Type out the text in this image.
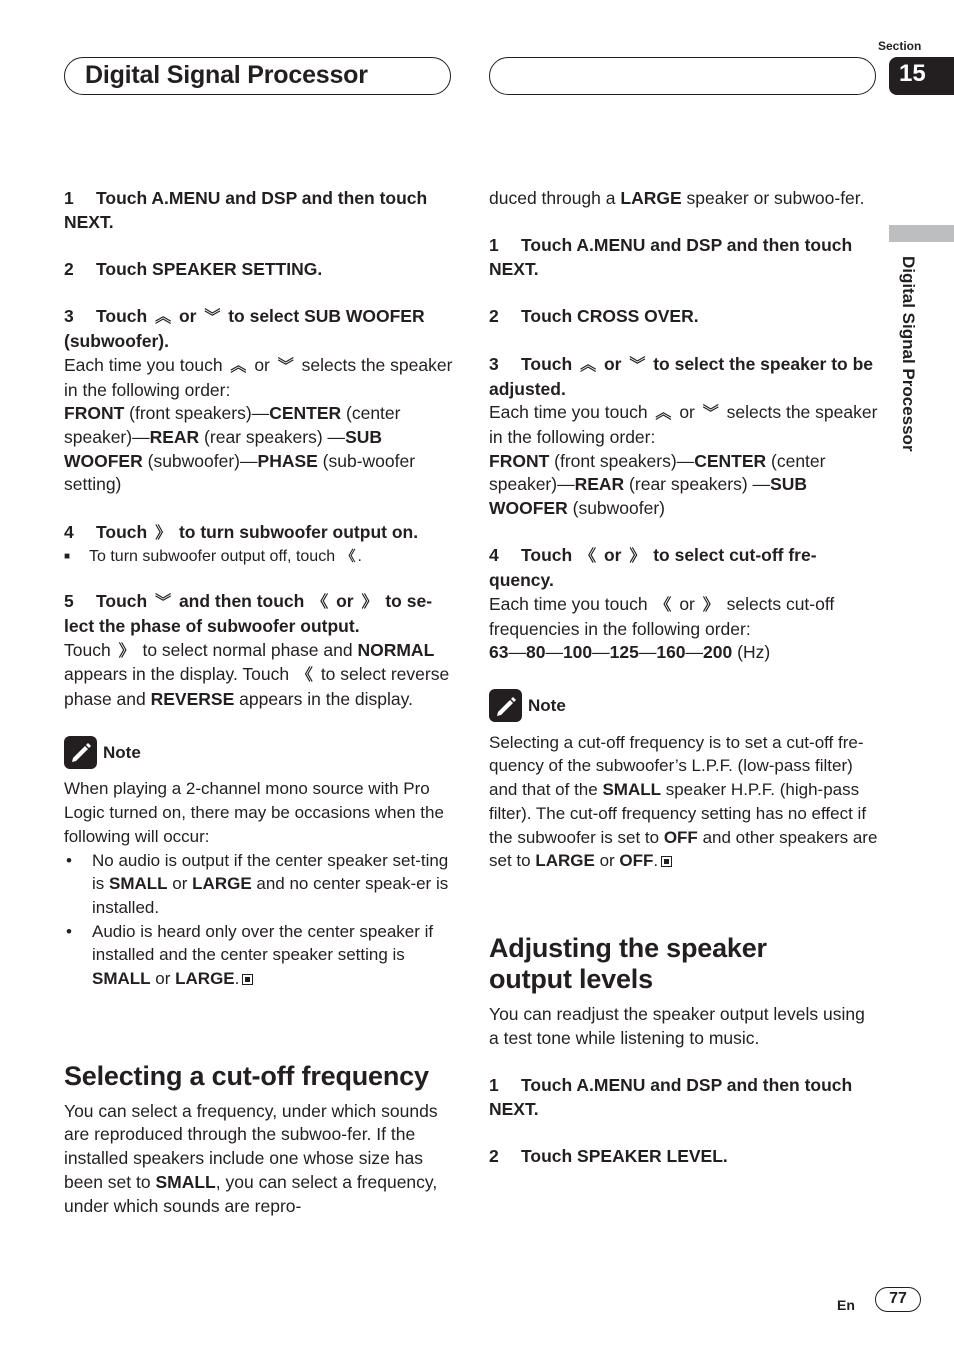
Digital Signal Processor
Section
15
Digital Signal Processor

1 Touch A.MENU and DSP and then touch NEXT.

2 Touch SPEAKER SETTING.

3 Touch ︽ or ︾ to select SUB WOOFER (subwoofer).

Each time you touch ︽ or ︾ selects the speaker in the following order:
FRONT (front speakers)—CENTER (center speaker)—REAR (rear speakers) —SUB WOOFER (subwoofer)—PHASE (sub-woofer setting)

4 Touch 》 to turn subwoofer output on.

■	To turn subwoofer output off, touch 《 .

5 Touch ︾ and then touch 《 or 》 to se-lect the phase of subwoofer output.

Touch 》 to select normal phase and NORMAL appears in the display. Touch 《 to select reverse phase and REVERSE appears in the display.

Note

When playing a 2-channel mono source with Pro Logic turned on, there may be occasions when the following will occur:

•	No audio is output if the center speaker set-ting is SMALL or LARGE and no center speak-er is installed.
•	Audio is heard only over the center speaker if installed and the center speaker setting is SMALL or LARGE.
Selecting a cut-off frequency

You can select a frequency, under which sounds are reproduced through the subwoo-fer. If the installed speakers include one whose size has been set to SMALL, you can select a frequency, under which sounds are repro-

duced through a LARGE speaker or subwoo-fer.

1 Touch A.MENU and DSP and then touch NEXT.

2 Touch CROSS OVER.

3 Touch ︽ or ︾ to select the speaker to be adjusted.

Each time you touch ︽ or ︾ selects the speaker in the following order:
FRONT (front speakers)—CENTER (center speaker)—REAR (rear speakers) —SUB WOOFER (subwoofer)

4 Touch 《 or 》 to select cut-off fre-quency.

Each time you touch 《 or 》 selects cut-off frequencies in the following order:
63—80—100—125—160—200 (Hz)

Note

Selecting a cut-off frequency is to set a cut-off fre-quency of the subwoofer’s L.P.F. (low-pass filter) and that of the SMALL speaker H.P.F. (high-pass filter). The cut-off frequency setting has no effect if the subwoofer is set to OFF and other speakers are set to LARGE or OFF.

Adjusting the speaker output levels

You can readjust the speaker output levels using a test tone while listening to music.

1 Touch A.MENU and DSP and then touch NEXT.

2 Touch SPEAKER LEVEL.

En	77
